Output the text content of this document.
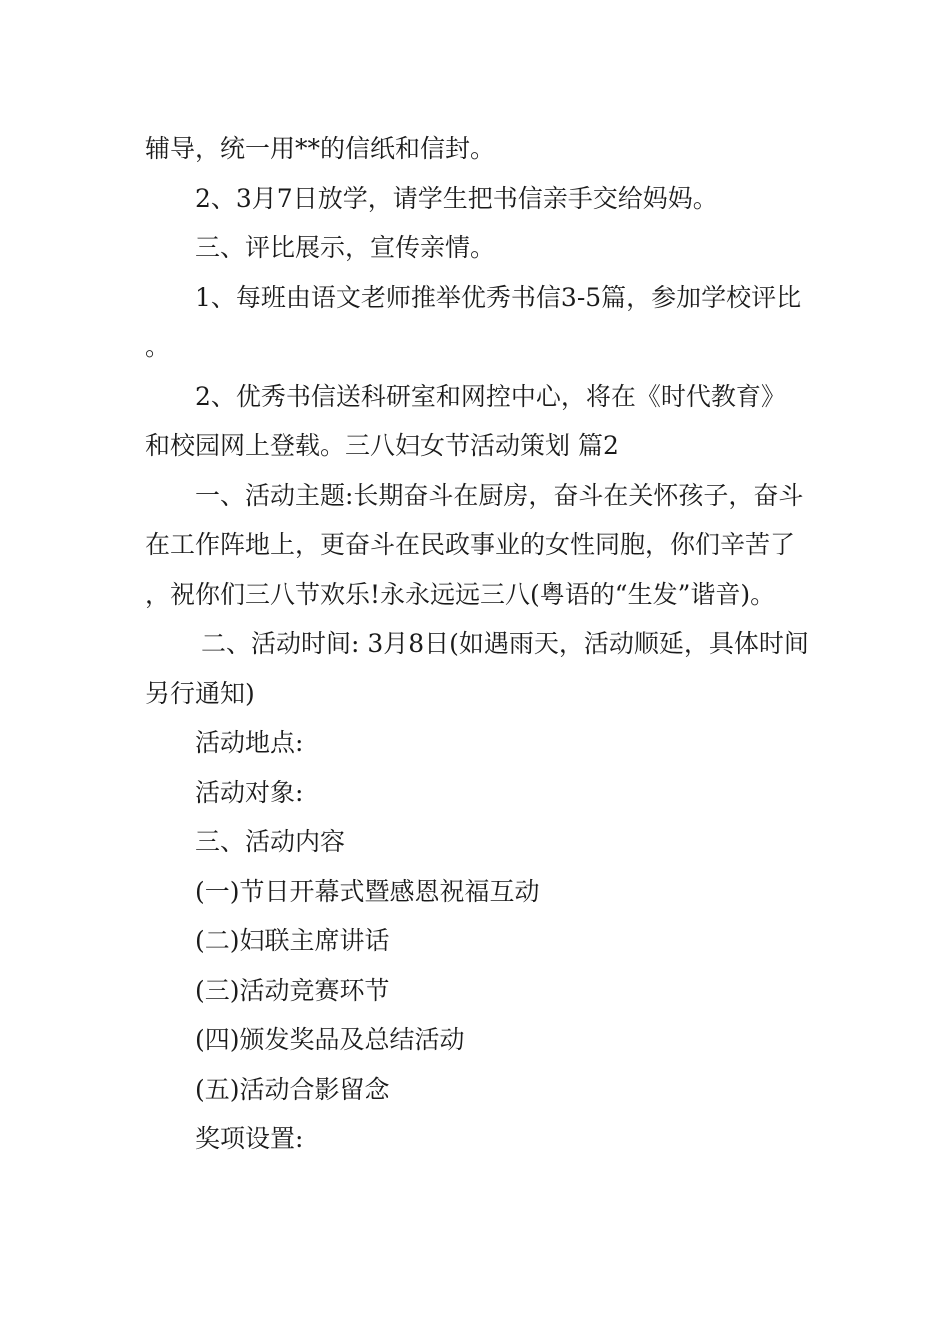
辅导，统一用**的信纸和信封。

2、3月7日放学，请学生把书信亲手交给妈妈。

三、评比展示，宣传亲情。

1、每班由语文老师推举优秀书信3-5篇，参加学校评比。

2、优秀书信送科研室和网控中心，将在《时代教育》和校园网上登载。三八妇女节活动策划 篇2

一、活动主题:长期奋斗在厨房，奋斗在关怀孩子，奋斗在工作阵地上，更奋斗在民政事业的女性同胞，你们辛苦了，祝你们三八节欢乐!永永远远三八(粤语的“生发”谐音)。

二、活动时间: 3月8日(如遇雨天，活动顺延，具体时间另行通知)

活动地点:

活动对象:

三、活动内容

(一)节日开幕式暨感恩祝福互动

(二)妇联主席讲话

(三)活动竞赛环节

(四)颁发奖品及总结活动

(五)活动合影留念

奖项设置:
